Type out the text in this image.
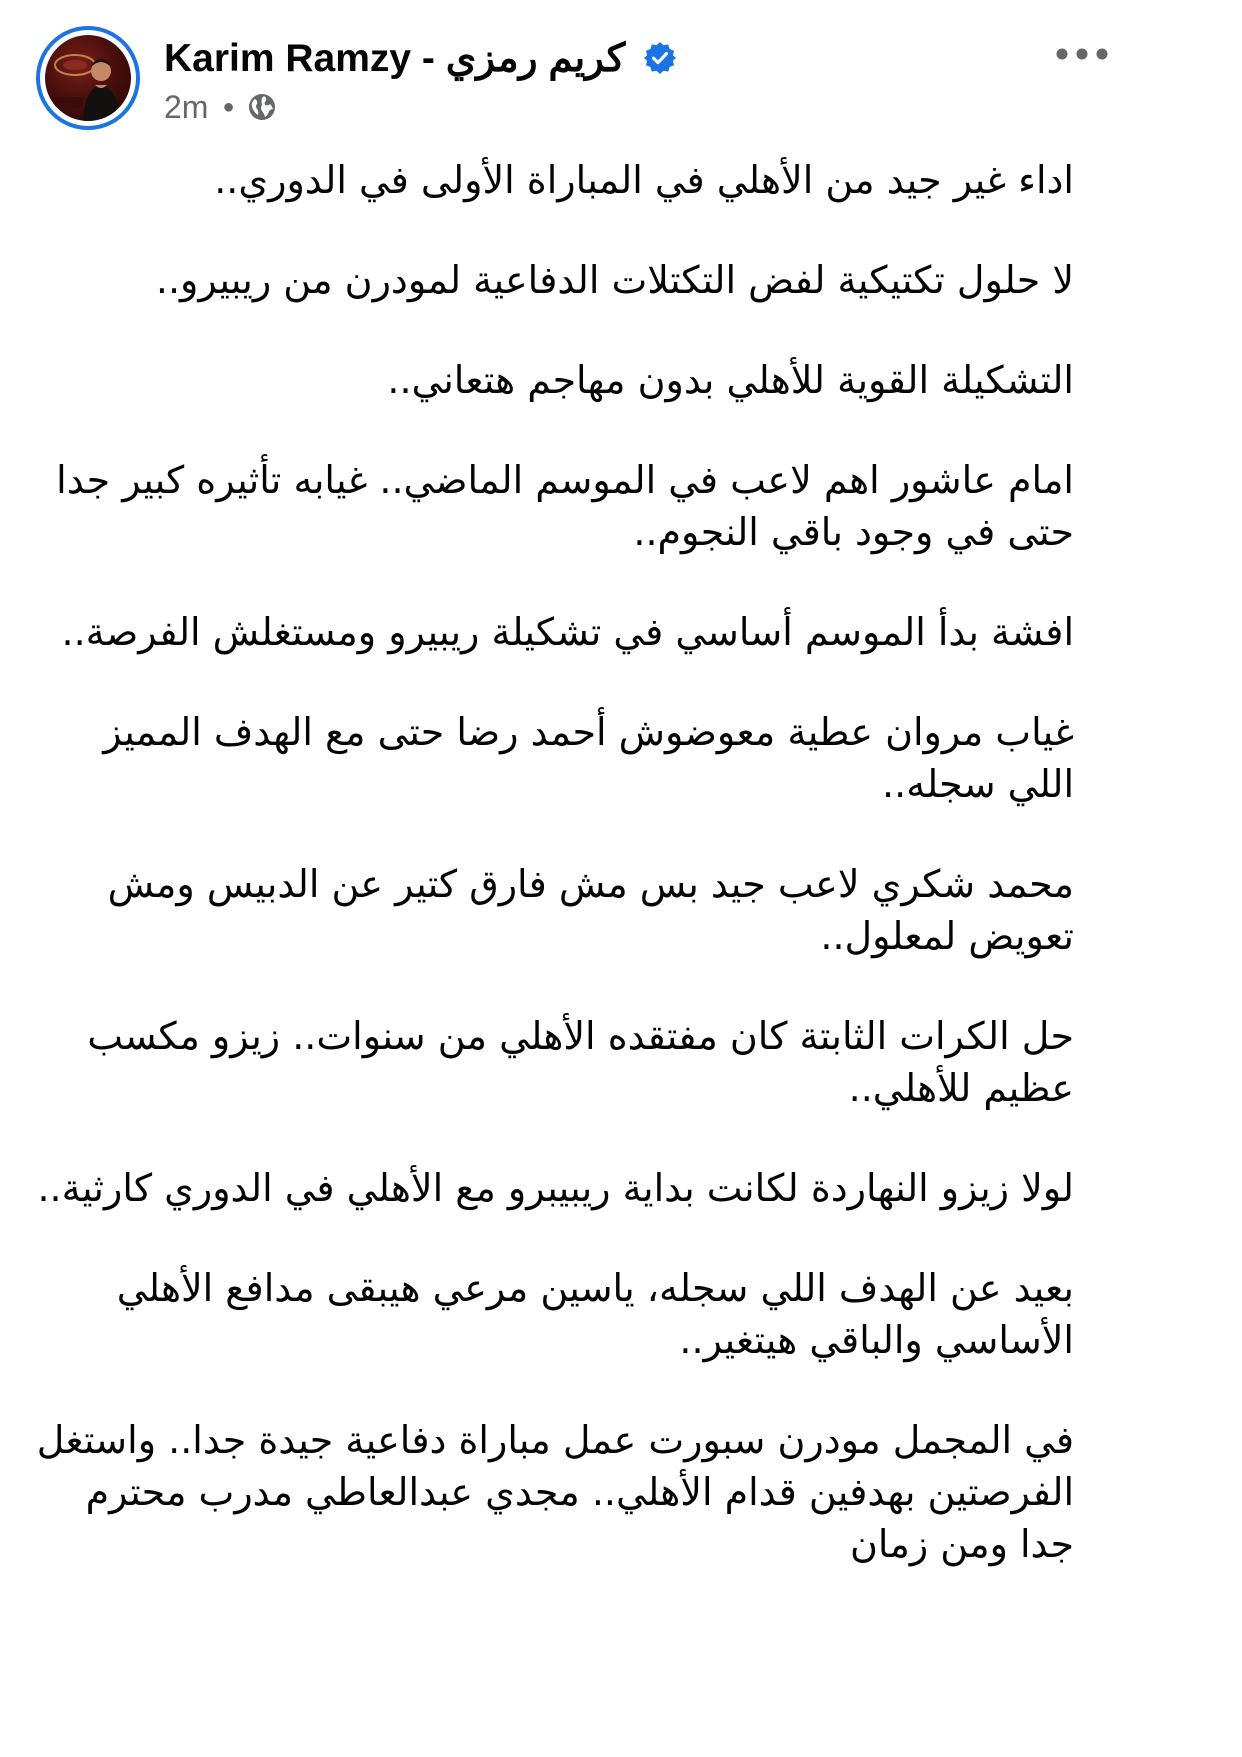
Karim Ramzy - كريم رمزي
2m ●

اداء غير جيد من الأهلي في المباراة الأولى في الدوري..

لا حلول تكتيكية لفض التكتلات الدفاعية لمودرن من ريبيرو..

التشكيلة القوية للأهلي بدون مهاجم هتعاني..

امام عاشور اهم لاعب في الموسم الماضي.. غيابه تأثيره كبير جدا حتى في وجود باقي النجوم..

افشة بدأ الموسم أساسي في تشكيلة ريبيرو ومستغلش الفرصة..

غياب مروان عطية معوضوش أحمد رضا حتى مع الهدف المميز اللي سجله..

محمد شكري لاعب جيد بس مش فارق كتير عن الدبيس ومش تعويض لمعلول..

حل الكرات الثابتة كان مفتقده الأهلي من سنوات.. زيزو مكسب عظيم للأهلي..

لولا زيزو النهاردة لكانت بداية ريبيبرو مع الأهلي في الدوري كارثية..

بعيد عن الهدف اللي سجله، ياسين مرعي هيبقى مدافع الأهلي الأساسي والباقي هيتغير..

في المجمل مودرن سبورت عمل مباراة دفاعية جيدة جدا.. واستغل الفرصتين بهدفين قدام الأهلي.. مجدي عبدالعاطي مدرب محترم جدا ومن زمان
